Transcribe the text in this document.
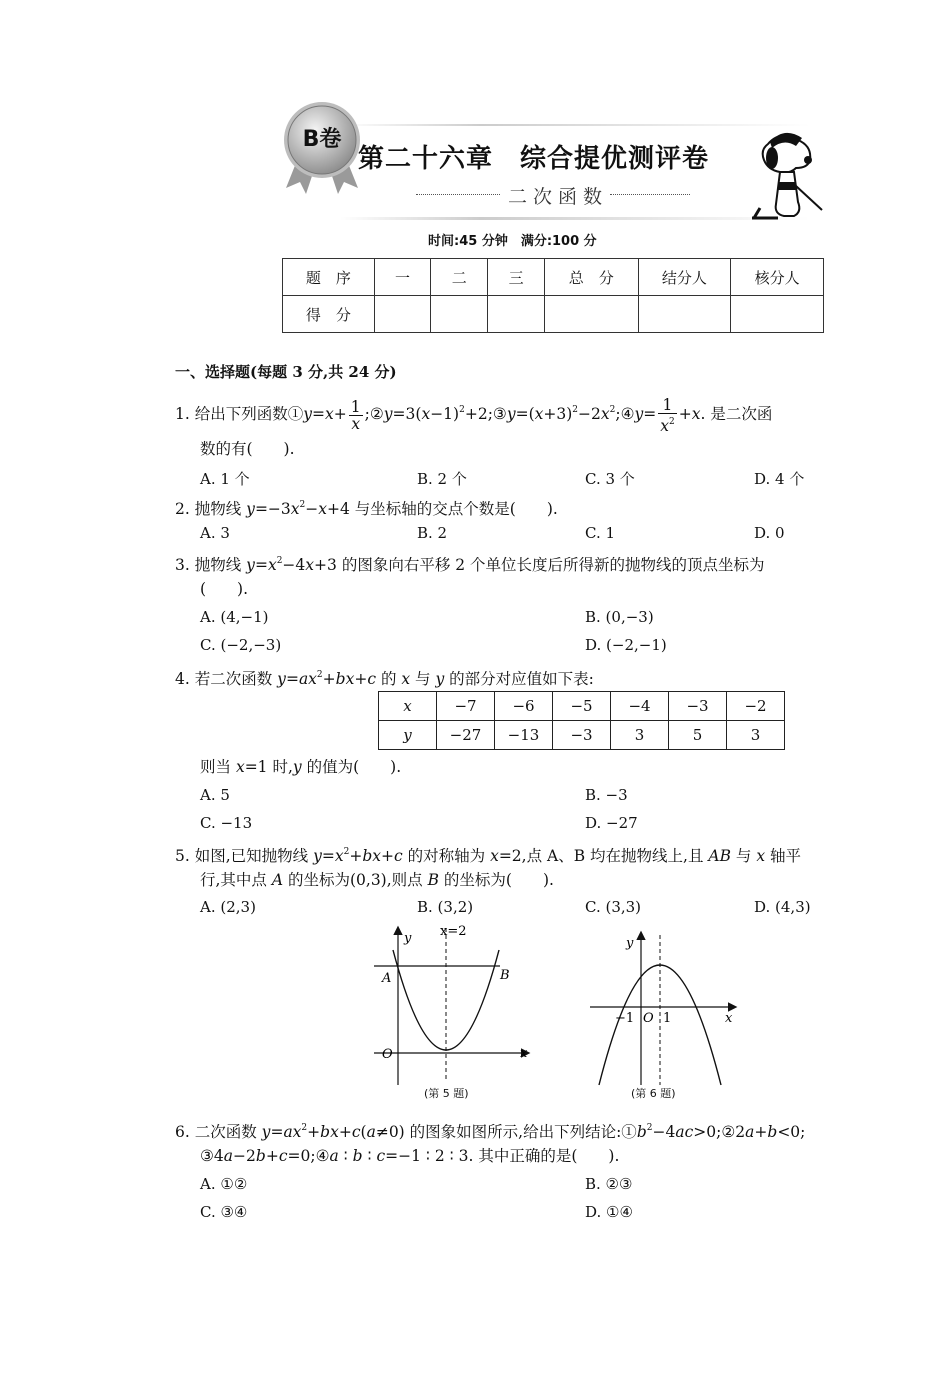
B卷
第二十六章　综合提优测评卷
二 次 函 数
时间:45 分钟　满分:100 分
题　序	一	二	三	总　分	结分人	核分人
得　分						
一、选择题(每题 3 分,共 24 分)
1. 给出下列函数①y=x+ $\frac{1}{x}$ $;②y=3(x-1)^2+2;③y=(x+3)^2-2x^2;④y= \frac{1}{x^2} +x$. 是二次函
数的有(　　).
A. 1 个	B. 2 个	C. 3 个	D. 4 个
2. 抛物线 $y=-3x^2-x+4$ 与坐标轴的交点个数是(　　).
A. 3	B. 2	C. 1	D. 0
3. 抛物线 $y=x^2-4x+3$ 的图象向右平移 2 个单位长度后所得新的抛物线的顶点坐标为
(　　).
A. (4,−1)	B. (0,−3)
C. (−2,−3)	D. (−2,−1)
4. 若二次函数 $y=ax^2+bx+c$ 的 x 与 y 的部分对应值如下表:
x	−7	−6	−5	−4	−3	−2
y	−27	−13	−3	3	5	3
则当 x=1 时,y 的值为(　　).
A. 5	B. −3
C. −13	D. −27
5. 如图,已知抛物线 $y=x^2+bx+c$ 的对称轴为 x=2,点 A、B 均在抛物线上,且 AB 与 x 轴平
行,其中点 A 的坐标为(0,3),则点 B 的坐标为(　　).
A. (2,3)	B. (3,2)	C. (3,3)	D. (4,3)
y
x
x=2
A	B
O
(第 5 题)
y
x
−1 O 1
(第 6 题)
6. 二次函数 $y=ax^2+bx+c(a\ne 0)$ 的图象如图所示,给出下列结论$:①b^2-4ac>0;②2a+b<0$;
③4a−2b+c=0;④a ∶ b ∶ c=−1 ∶ 2 ∶ 3. 其中正确的是(　　).
A. ①②	B. ②③
C. ③④	D. ①④
